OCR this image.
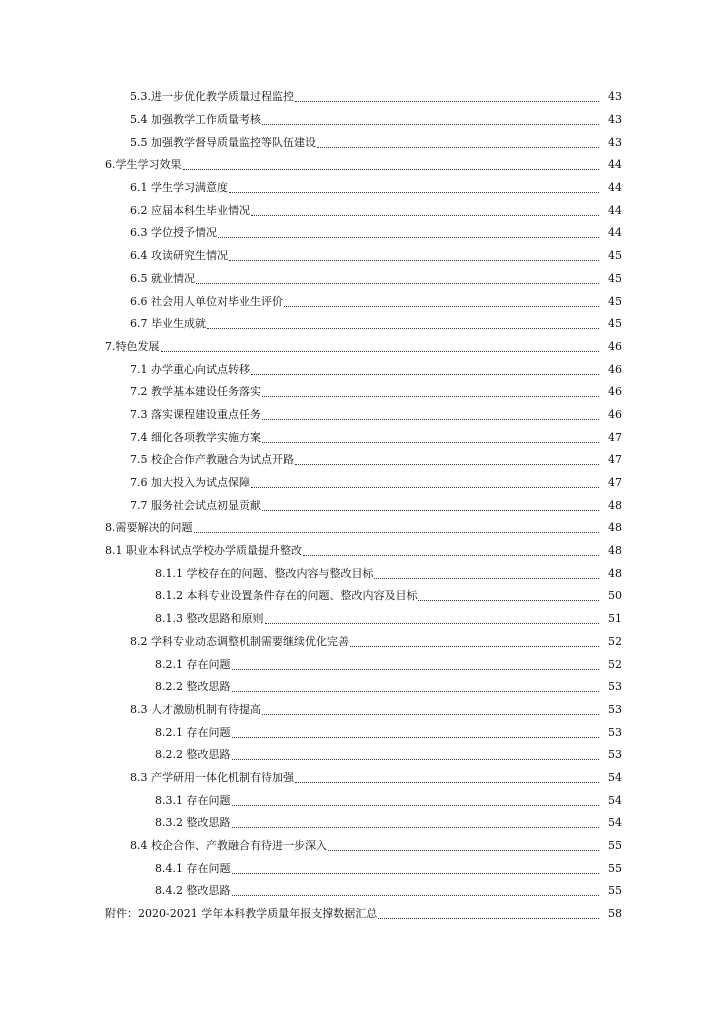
5.3.进一步优化教学质量过程监控	43
5.4 加强教学工作质量考核	43
5.5 加强教学督导质量监控等队伍建设	43
6.学生学习效果	44
6.1 学生学习满意度	44
6.2 应届本科生毕业情况	44
6.3 学位授予情况	44
6.4 攻读研究生情况	45
6.5 就业情况	45
6.6 社会用人单位对毕业生评价	45
6.7 毕业生成就	45
7.特色发展	46
7.1 办学重心向试点转移	46
7.2 教学基本建设任务落实	46
7.3 落实课程建设重点任务	46
7.4 细化各项教学实施方案	47
7.5 校企合作产教融合为试点开路	47
7.6 加大投入为试点保障	47
7.7 服务社会试点初显贡献	48
8.需要解决的问题	48
8.1 职业本科试点学校办学质量提升整改	48
8.1.1 学校存在的问题、整改内容与整改目标	48
8.1.2 本科专业设置条件存在的问题、整改内容及目标	50
8.1.3 整改思路和原则	51
8.2 学科专业动态调整机制需要继续优化完善	52
8.2.1 存在问题	52
8.2.2 整改思路	53
8.3 人才激励机制有待提高	53
8.2.1 存在问题	53
8.2.2 整改思路	53
8.3 产学研用一体化机制有待加强	54
8.3.1 存在问题	54
8.3.2 整改思路	54
8.4 校企合作、产教融合有待进一步深入	55
8.4.1 存在问题	55
8.4.2 整改思路	55
附件：2020-2021 学年本科教学质量年报支撑数据汇总	58
